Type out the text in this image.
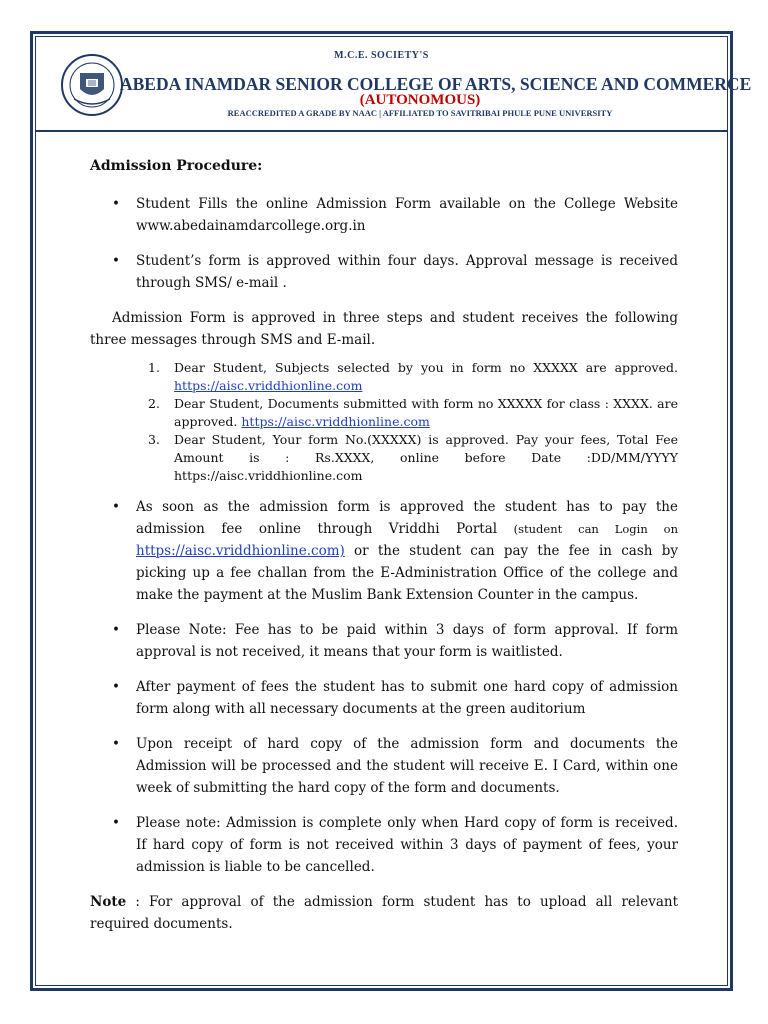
M.C.E. SOCIETY'S
ABEDA INAMDAR SENIOR COLLEGE OF ARTS, SCIENCE AND COMMERCE
(AUTONOMOUS)
REACCREDITED A GRADE BY NAAC | AFFILIATED TO SAVITRIBAI PHULE PUNE UNIVERSITY
Admission Procedure:
• Student Fills the online Admission Form available on the College Website www.abedainamdarcollege.org.in
• Student’s form is approved within four days. Approval message is received through SMS/ e-mail .
Admission Form is approved in three steps and student receives the following three messages through SMS and E-mail.
1. Dear Student, Subjects selected by you in form no XXXXX are approved. https://aisc.vriddhionline.com
2. Dear Student, Documents submitted with form no XXXXX for class : XXXX. are approved. https://aisc.vriddhionline.com
3. Dear Student, Your form No.(XXXXX) is approved. Pay your fees, Total Fee Amount is : Rs.XXXX, online before Date :DD/MM/YYYY https://aisc.vriddhionline.com
• As soon as the admission form is approved the student has to pay the admission fee online through Vriddhi Portal (student can Login on https://aisc.vriddhionline.com) or the student can pay the fee in cash by picking up a fee challan from the E-Administration Office of the college and make the payment at the Muslim Bank Extension Counter in the campus.
• Please Note: Fee has to be paid within 3 days of form approval. If form approval is not received, it means that your form is waitlisted.
• After payment of fees the student has to submit one hard copy of admission form along with all necessary documents at the green auditorium
• Upon receipt of hard copy of the admission form and documents the Admission will be processed and the student will receive E. I Card, within one week of submitting the hard copy of the form and documents.
• Please note: Admission is complete only when Hard copy of form is received. If hard copy of form is not received within 3 days of payment of fees, your admission is liable to be cancelled.
Note : For approval of the admission form student has to upload all relevant required documents.
